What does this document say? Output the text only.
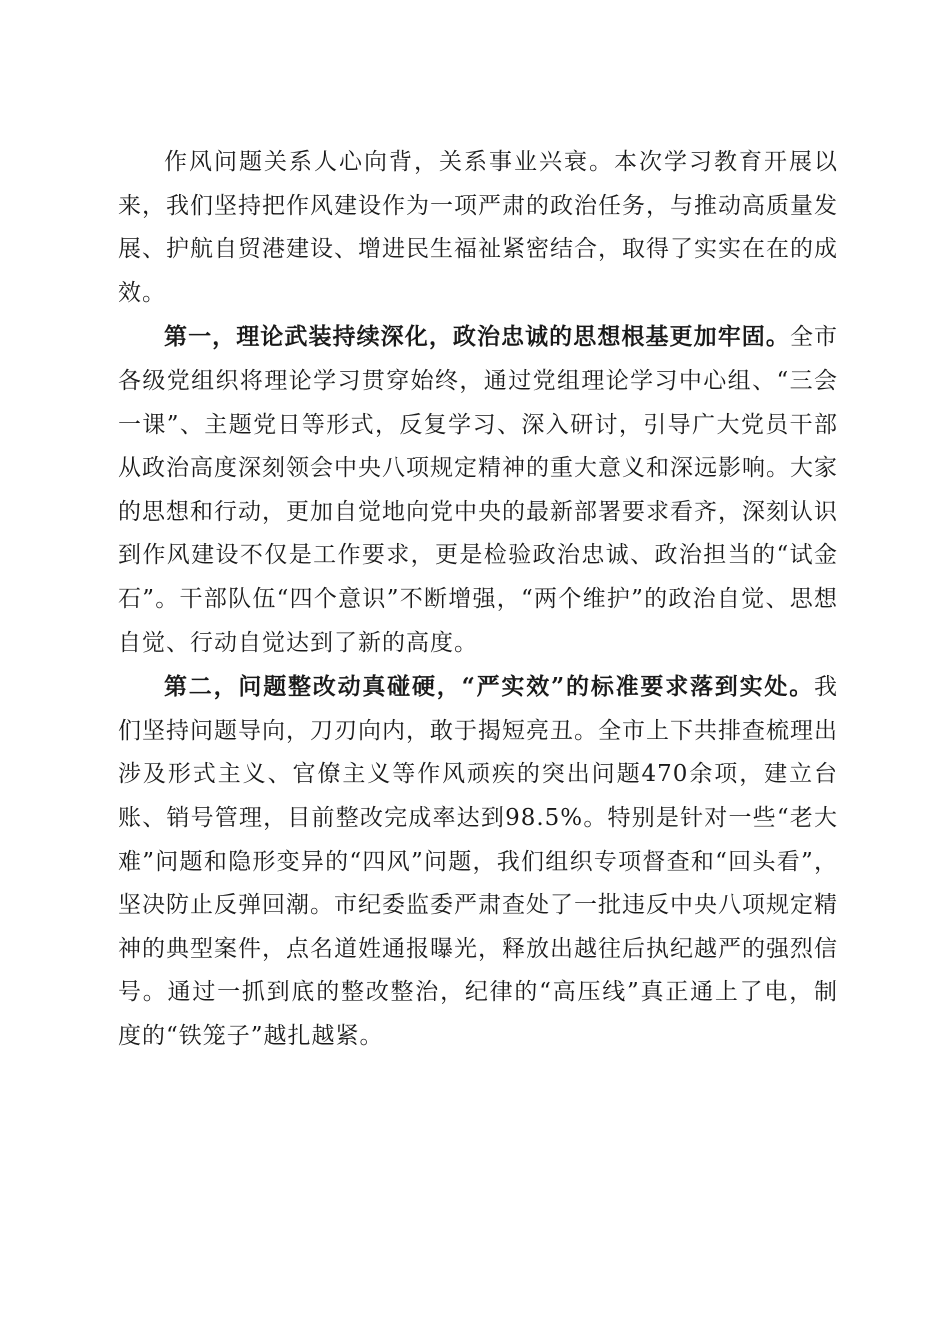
作风问题关系人心向背，关系事业兴衰。本次学习教育开展以来，我们坚持把作风建设作为一项严肃的政治任务，与推动高质量发展、护航自贸港建设、增进民生福祉紧密结合，取得了实实在在的成效。

第一，理论武装持续深化，政治忠诚的思想根基更加牢固。全市各级党组织将理论学习贯穿始终，通过党组理论学习中心组、“三会一课”、主题党日等形式，反复学习、深入研讨，引导广大党员干部从政治高度深刻领会中央八项规定精神的重大意义和深远影响。大家的思想和行动，更加自觉地向党中央的最新部署要求看齐，深刻认识到作风建设不仅是工作要求，更是检验政治忠诚、政治担当的“试金石”。干部队伍“四个意识”不断增强，“两个维护”的政治自觉、思想自觉、行动自觉达到了新的高度。

第二，问题整改动真碰硬，“严实效”的标准要求落到实处。我们坚持问题导向，刀刃向内，敢于揭短亮丑。全市上下共排查梳理出涉及形式主义、官僚主义等作风顽疾的突出问题470余项，建立台账、销号管理，目前整改完成率达到98.5%。特别是针对一些“老大难”问题和隐形变异的“四风”问题，我们组织专项督查和“回头看”，坚决防止反弹回潮。市纪委监委严肃查处了一批违反中央八项规定精神的典型案件，点名道姓通报曝光，释放出越往后执纪越严的强烈信号。通过一抓到底的整改整治，纪律的“高压线”真正通上了电，制度的“铁笼子”越扎越紧。
